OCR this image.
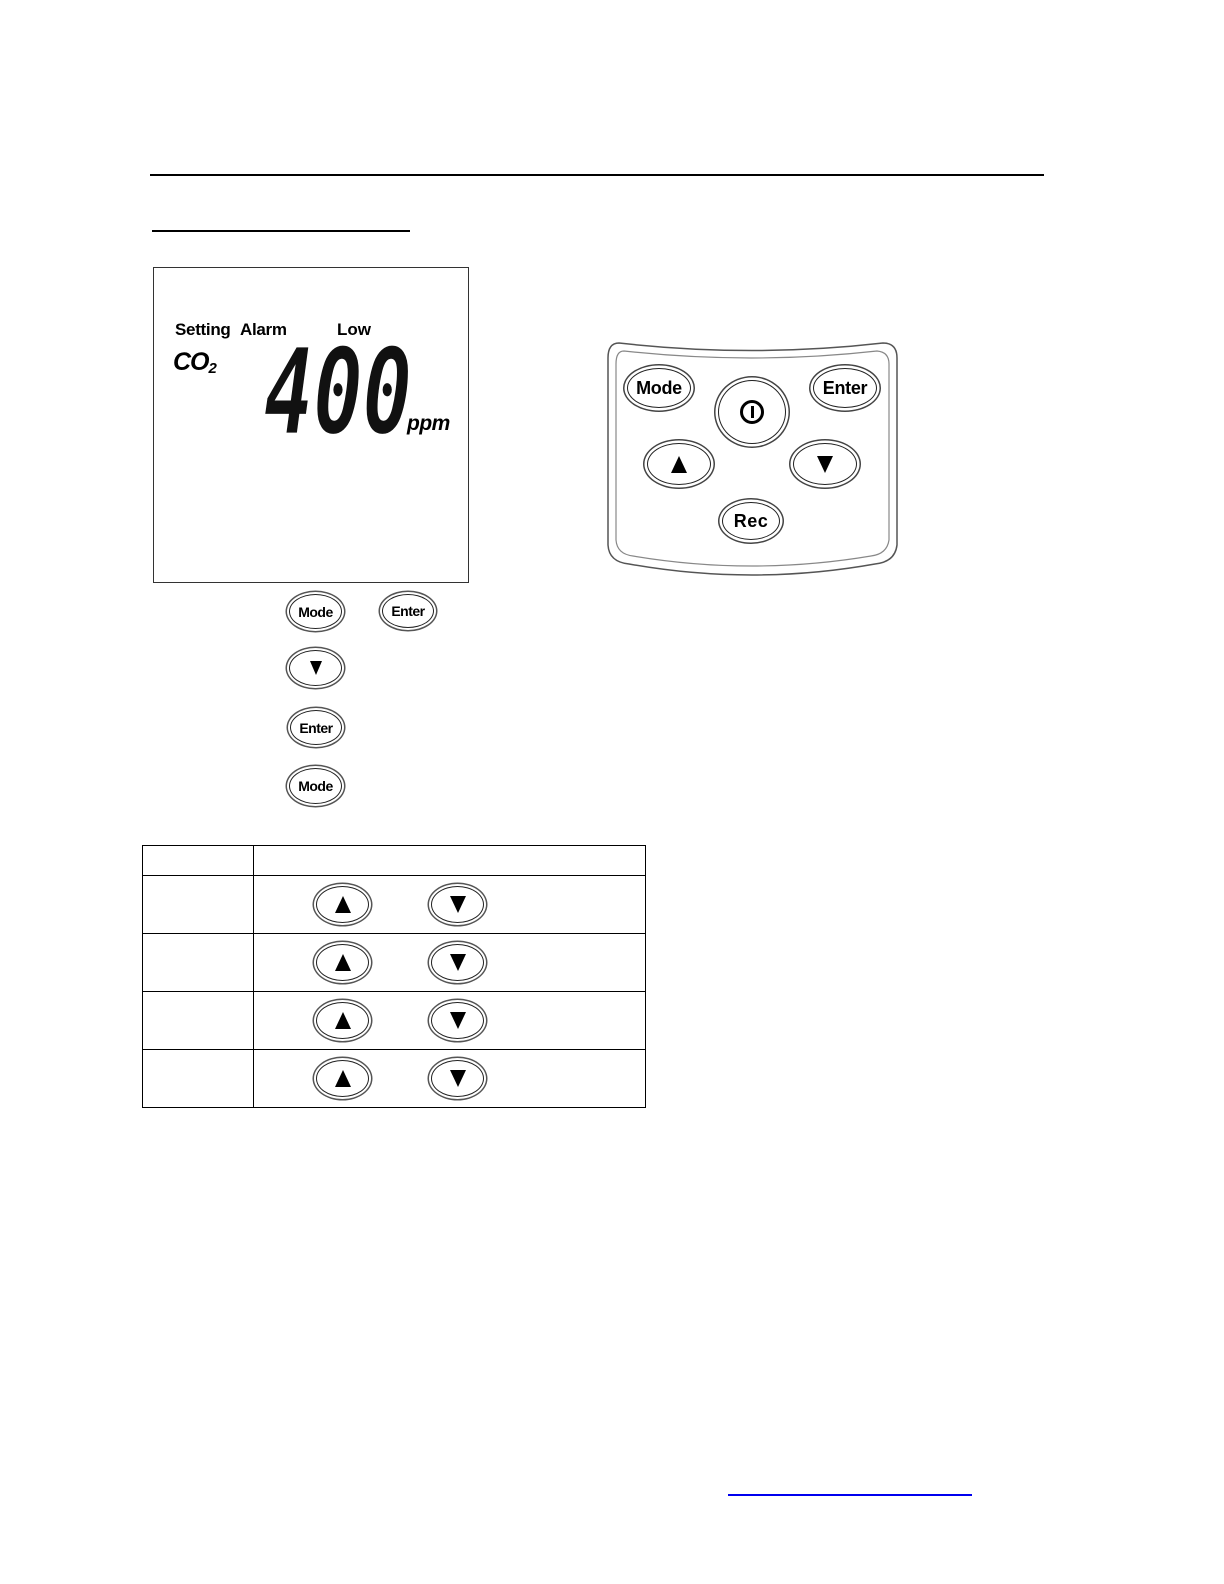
Setting Alarm	Low
$CO_2$ 400
ppm
Mode	Enter
Rec
Mode	Enter
Enter
Mode
